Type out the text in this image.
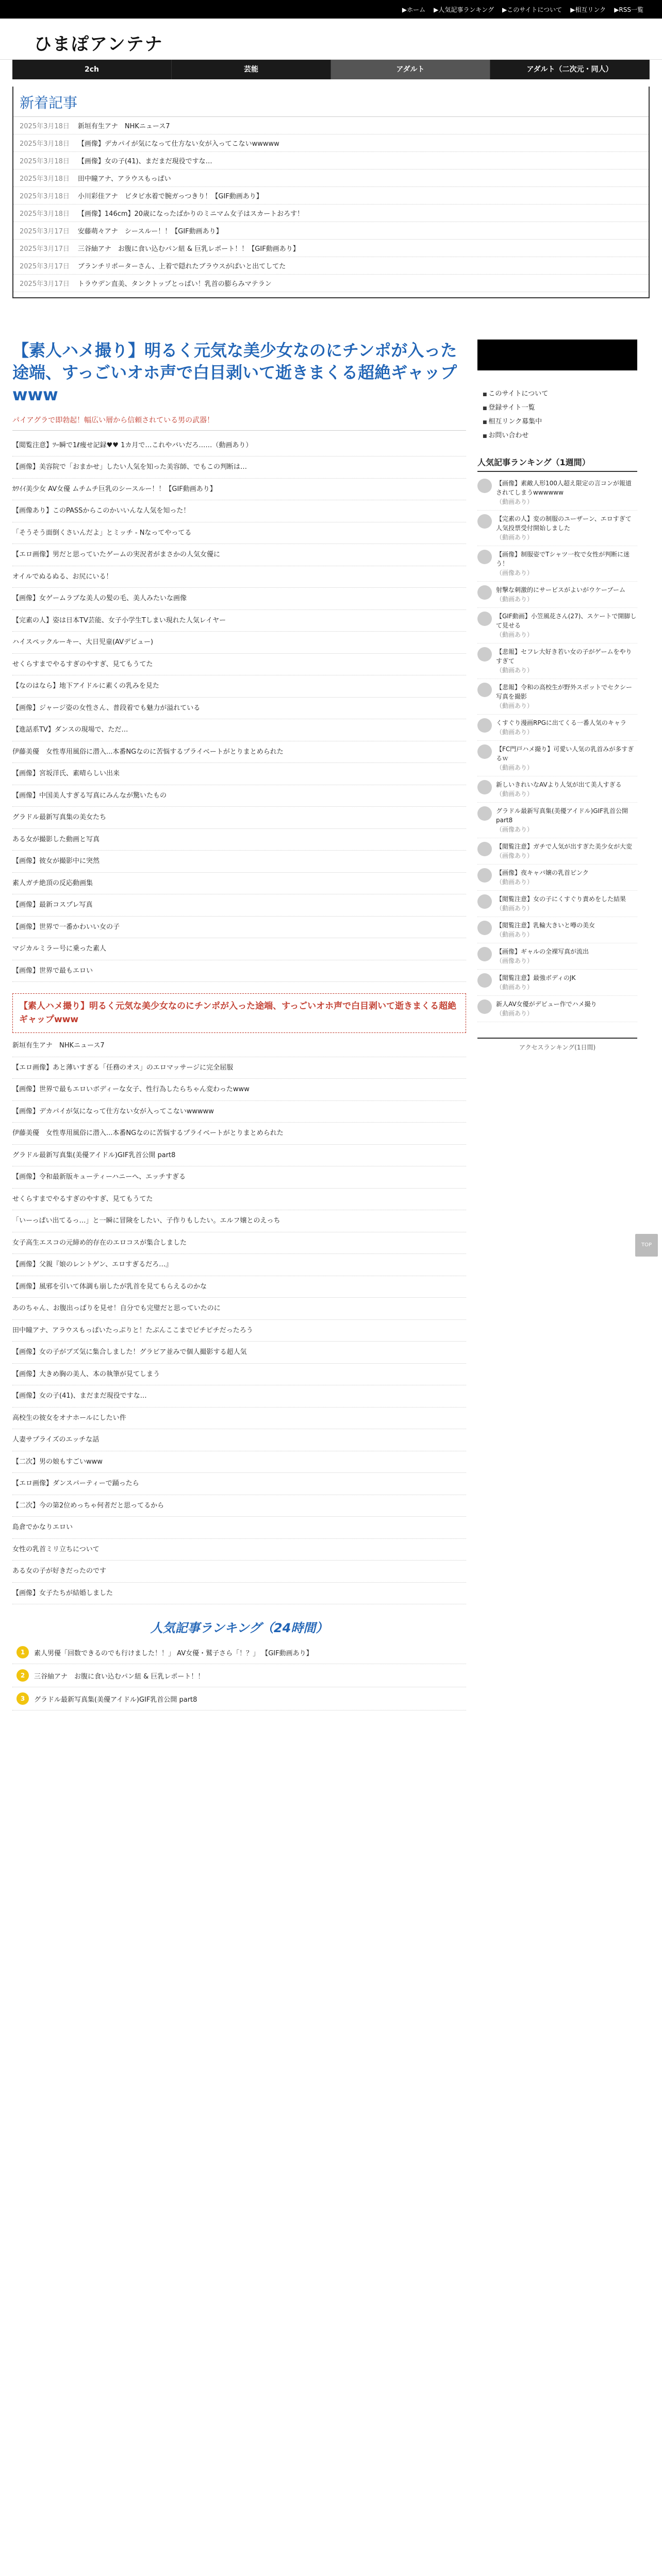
▶ホーム ▶人気記事ランキング ▶このサイトについて ▶相互リンク ▶RSS一覧
ひまぽアンテナ
2ch	芸能	アダルト	アダルト（二次元・同人）
新着記事
2025年3月18日 新垣有生アナ　NHKニュース7
2025年3月18日 【画像】デカパイが気になって仕方ない女が入ってこないwwwww
2025年3月18日 【画像】女の子(41)、まだまだ現役ですな…
2025年3月18日 田中瞳アナ、アラウスもっぱい
2025年3月18日 小川彩佳アナ　ビタビ水着で腕ガっつきり！【GIF動画あり】
2025年3月18日 【画像】146cm】20歳になったばかりのミニマム女子はスカートおろす！
2025年3月17日 安藤萌々アナ　シースルー！！【GIF動画あり】
2025年3月17日 三谷紬アナ　お腹に食い込むパン紐 & 巨乳レポート！！【GIF動画あり】
2025年3月17日 ブランチリポーターさん、上着で隠れたブラウスがぱいと出てしてた
2025年3月17日 トラウデン直美、タンクトップとっぱい！乳首の膨らみマテラン
【素人ハメ撮り】明るく元気な美少女なのにチンポが入った途端、すっごいオホ声で白目剥いて逝きまくる超絶ギャップwww
パイアグラで即勃起！幅広い層から信頼されている男の武器！
【閲覧注意】ﾂｰ瞬で1ℓ痩せ記録♥♥ 1カ月で…これやバいだろ……（動画あり）
【画像】美容院で「おまかせ」したい人気を知った美容師、でもこの判断は…
ｶﾜｲｲ美少女 AV女優 ムチムチ巨乳のシースルー！！【GIF動画あり】
【画像あり】このPASSからこのかいいんな人気を知った！
「そうそう面倒くさいんだよ」とミッチ - Nなってやってる
【エロ画像】男だと思っていたゲームの実況者がまさかの人気女優に
オイルでぬるぬる、お尻にいる！
【画像】女ゲームラブな美人の髪の毛、美人みたいな画像
【完素の人】姿は日本TV芸能、女子小学生Tしまい現れた人気レイヤー
ハイスペックルーキー、大日児童(AVデビュー)
せくらすまでやるすぎのやすぎ、見てもうてた
【なのはなら】地下アイドルに素くの乳みを見た
【画像】ジャージ姿の女性さん、普段着でも魅力が溢れている
【進話系TV】ダンスの現場で、ただ…
伊藤美優　女性専用風俗に潜入...本番NGなのに苦悩するプライベートがとりまとめられた
【画像】宮坂洋氏、素晴らしい出来
【画像】中国美人すぎる写真にみんなが驚いたもの
グラドル最新写真集の美女たち
ある女が撮影した動画と写真
【画像】彼女が撮影中に突然
素人ガチ絶頂の反応動画集
【画像】最新コスプレ写真
【画像】世界で一番かわいい女の子
マジカルミラー号に乗った素人
【画像】世界で最もエロい
【素人ハメ撮り】明るく元気な美少女なのにチンポが入った途端、すっごいオホ声で白目剥いて逝きまくる超絶ギャップwww
新垣有生アナ　NHKニュース7
【エロ画像】あと薄いすぎる「任務のオス」のエロマッサージに完全屈服
【画像】世界で最もエロいボディーな女子、性行為したらちゃん変わったwww
【画像】デカパイが気になって仕方ない女が入ってこないwwwww
伊藤美優　女性専用風俗に潜入...本番NGなのに苦悩するプライベートがとりまとめられた
グラドル最新写真集(美優アイドル)GIF乳首公開 part8
【画像】令和最新版キューティーハニーへ、エッチすぎる
せくらすまでやるすぎのやすぎ、見てもうてた
「いーっぱい出てるっ…」と一瞬に冒険をしたい、子作りもしたい。エルフ嬢とのえっち
女子高生エスコの元締め的存在のエロコスが集合しました
【画像】父親『娘のレントゲン、エロすぎるだろ…』
【画像】風邪を引いて体調も崩したが乳首を見てもらえるのかな
あのちゃん、お腹出っぱりを見せ！自分でも完璧だと思っていたのに
田中瞳アナ、アラウスもっぱいたっぷりと！たぶんここまでピチピチだったろう
【画像】女の子がブズ気に集合しました！グラビア並みで個人撮影する超人気
【画像】大きめ胸の美人、本の執筆が見てしまう
【画像】女の子(41)、まだまだ現役ですな…
高校生の彼女をオナホールにしたい件
人妻サプライズのエッチな話
【二次】男の娘もすごいwww
【エロ画像】ダンスパーティーで踊ったら
【二次】今の第2位めっちゃ何者だと思ってるから
島倉でかなりエロい
女性の乳首ミリ立ちについて
ある女の子が好きだったのです
【画像】女子たちが結婚しました
人気記事ランキング（24時間）
1	素人男優「回数できるのでも行けました！！」 AV女優・鷲子さら「！？」 【GIF動画あり】
2	三谷紬アナ　お腹に食い込むパン紐 & 巨乳レポート！！
3	グラドル最新写真集(美優アイドル)GIF乳首公開 part8
■ このサイトについて
■ 登録サイト一覧
■ 相互リンク募集中
■ お問い合わせ
人気記事ランキング（1週間）
【画像】素敵人形100人超え限定の言コンが報道されてしまうwwwwww
（動画あり）
【完素の人】変の制服のユーザーン、エロすぎて人気投票受付開始しました
（動画あり）
【画像】制服姿でTシャツ一枚で女性が判断に迷う！
（画像あり）
射撃な刺激的にサービスがよいがウケーブーム
（動画あり）
【GIF動画】小笠風花さん(27)、スケートで開脚して見せる
（動画あり）
【悲報】セフレ大好き若い女の子がゲームをやりすぎて
（動画あり）
【悲報】令和の高校生が野外スポットでセクシー写真を撮影
（動画あり）
くすぐり漫画RPGに出てくる一番人気のキャラ
（動画あり）
【FC門戸ハメ撮り】可愛い人気の乳首みが多すぎるｗ
（動画あり）
新しいきれいなAVより人気が出て美人すぎる
（動画あり）
グラドル最新写真集(美優アイドル)GIF乳首公開 part8
（画像あり）
【閲覧注意】ガチで人気が出すぎた美少女が大変
（画像あり）
【画像】夜キャバ嬢の乳首ピンク
（動画あり）
【閲覧注意】女の子にくすぐり責めをした結果
（動画あり）
【閲覧注意】乳輪大きいと噂の美女
（動画あり）
【画像】ギャルの全裸写真が流出
（画像あり）
【閲覧注意】最強ボディのJK
（動画あり）
新人AV女優がデビュー作でハメ撮り
（動画あり）
アクセスランキング(1日間)
TOP
